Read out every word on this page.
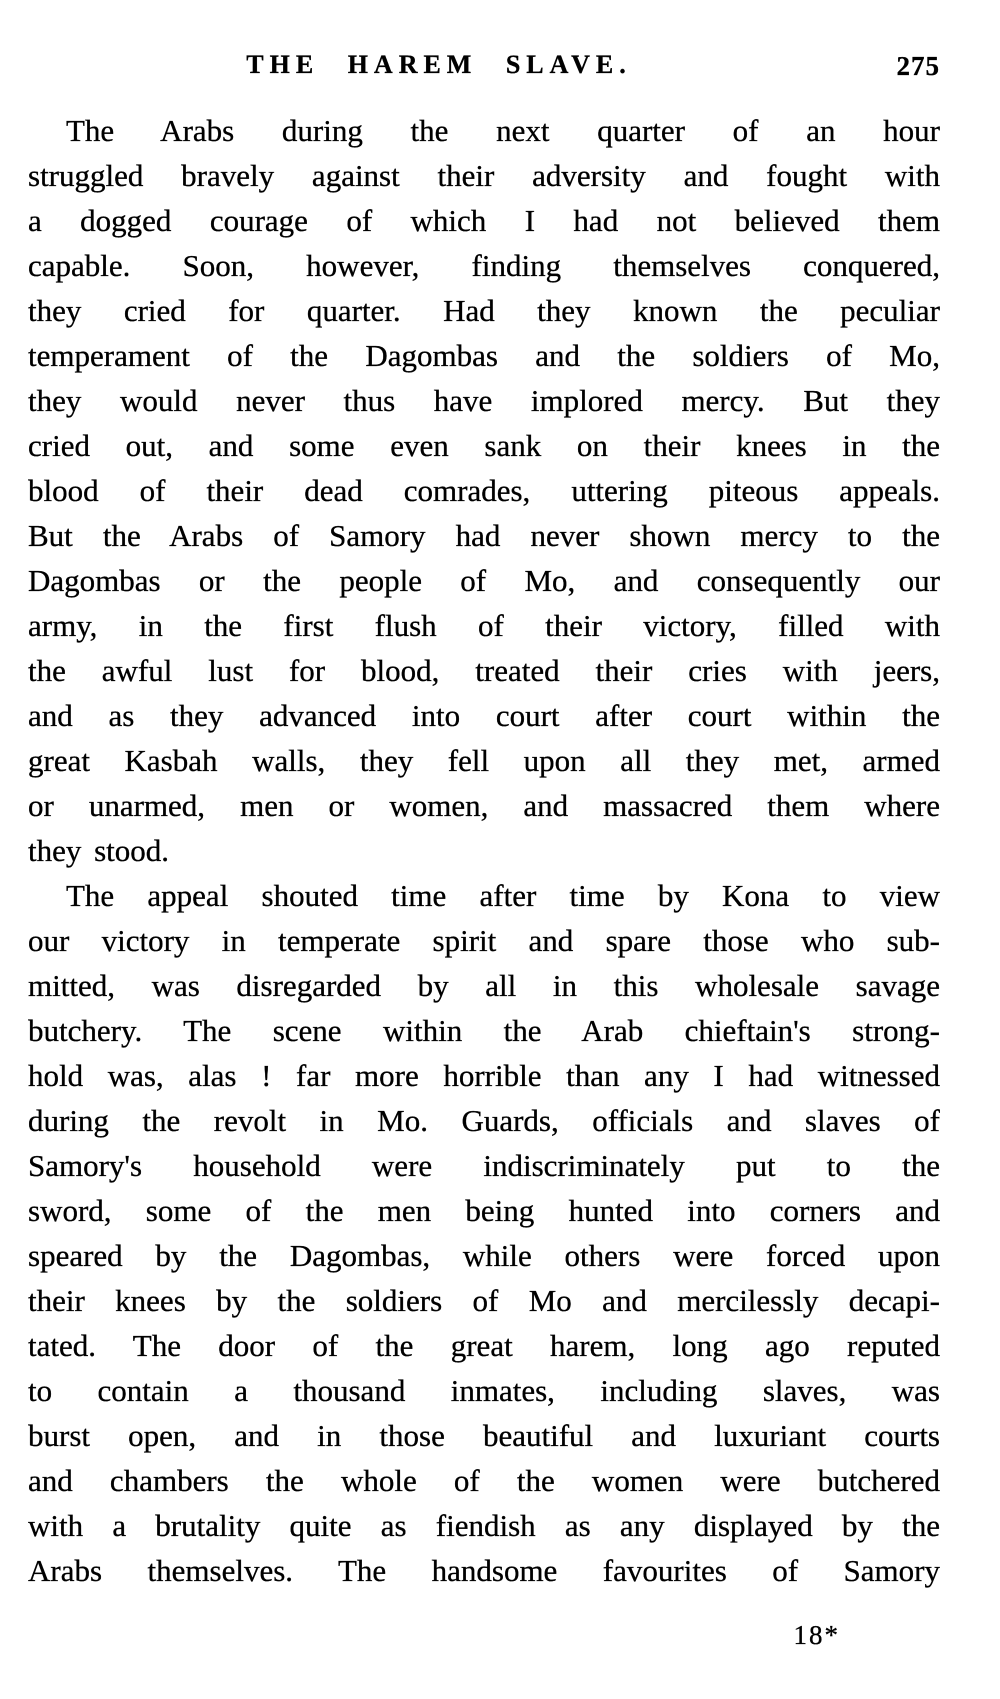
THE HAREM SLAVE.	275
The Arabs during the next quarter of an hour
struggled bravely against their adversity and fought with
a dogged courage of which I had not believed them
capable. Soon, however, finding themselves conquered,
they cried for quarter. Had they known the peculiar
temperament of the Dagombas and the soldiers of Mo,
they would never thus have implored mercy. But they
cried out, and some even sank on their knees in the
blood of their dead comrades, uttering piteous appeals.
But the Arabs of Samory had never shown mercy to the
Dagombas or the people of Mo, and consequently our
army, in the first flush of their victory, filled with
the awful lust for blood, treated their cries with jeers,
and as they advanced into court after court within the
great Kasbah walls, they fell upon all they met, armed
or unarmed, men or women, and massacred them where
they stood.
The appeal shouted time after time by Kona to view
our victory in temperate spirit and spare those who sub-
mitted, was disregarded by all in this wholesale savage
butchery. The scene within the Arab chieftain's strong-
hold was, alas ! far more horrible than any I had witnessed
during the revolt in Mo. Guards, officials and slaves of
Samory's household were indiscriminately put to the
sword, some of the men being hunted into corners and
speared by the Dagombas, while others were forced upon
their knees by the soldiers of Mo and mercilessly decapi-
tated. The door of the great harem, long ago reputed
to contain a thousand inmates, including slaves, was
burst open, and in those beautiful and luxuriant courts
and chambers the whole of the women were butchered
with a brutality quite as fiendish as any displayed by the
Arabs themselves. The handsome favourites of Samory
18*
